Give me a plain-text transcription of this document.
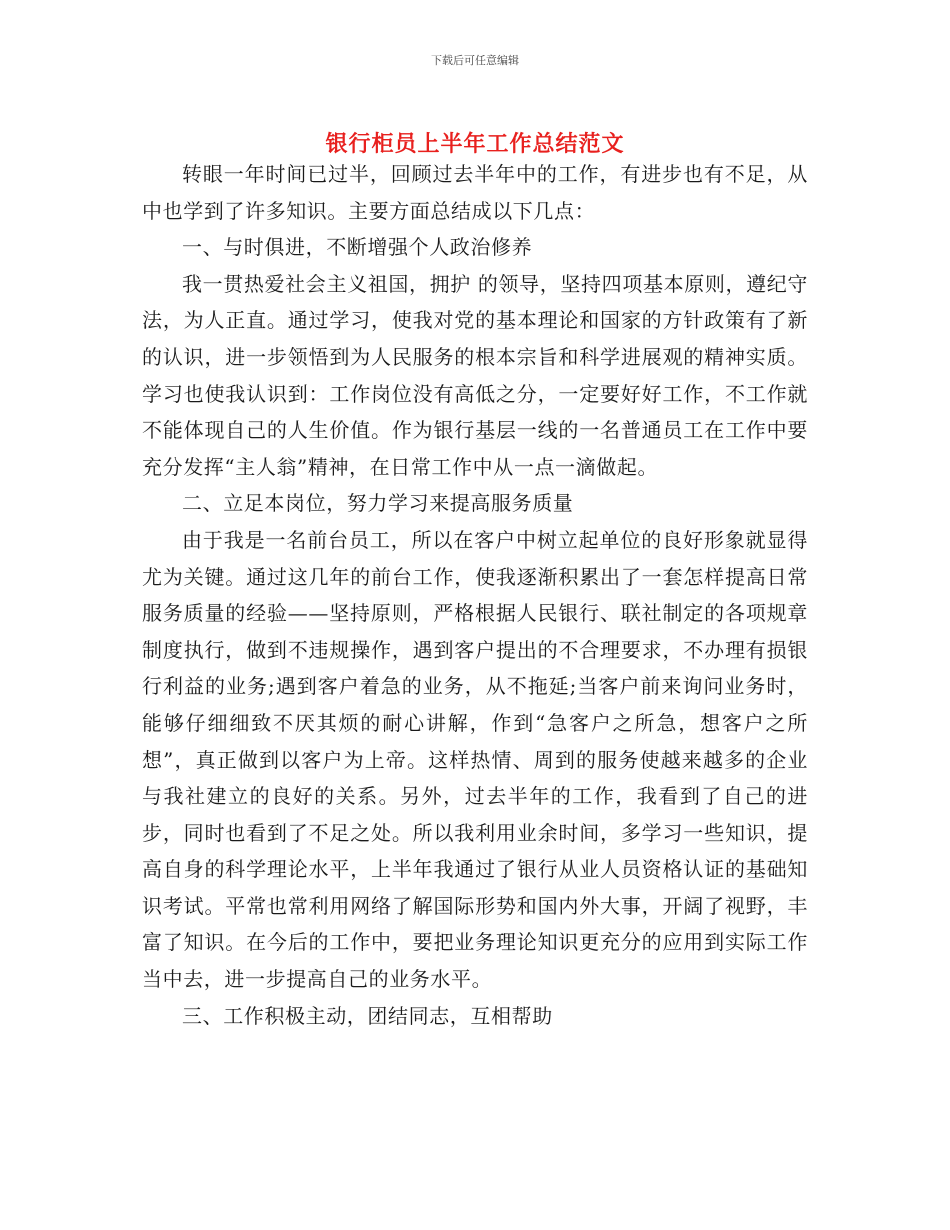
下载后可任意编辑
银行柜员上半年工作总结范文

转眼一年时间已过半，回顾过去半年中的工作，有进步也有不足，从中也学到了许多知识。主要方面总结成以下几点：

一、与时俱进，不断增强个人政治修养

我一贯热爱社会主义祖国，拥护 的领导，坚持四项基本原则，遵纪守法，为人正直。通过学习，使我对党的基本理论和国家的方针政策有了新的认识，进一步领悟到为人民服务的根本宗旨和科学进展观的精神实质。学习也使我认识到：工作岗位没有高低之分，一定要好好工作，不工作就不能体现自己的人生价值。作为银行基层一线的一名普通员工在工作中要充分发挥“主人翁”精神，在日常工作中从一点一滴做起。

二、立足本岗位，努力学习来提高服务质量

由于我是一名前台员工，所以在客户中树立起单位的良好形象就显得尤为关键。通过这几年的前台工作，使我逐渐积累出了一套怎样提高日常服务质量的经验——坚持原则，严格根据人民银行、联社制定的各项规章制度执行，做到不违规操作，遇到客户提出的不合理要求，不办理有损银行利益的业务;遇到客户着急的业务，从不拖延;当客户前来询问业务时，能够仔细细致不厌其烦的耐心讲解，作到“急客户之所急，想客户之所想”，真正做到以客户为上帝。这样热情、周到的服务使越来越多的企业与我社建立的良好的关系。另外，过去半年的工作，我看到了自己的进步，同时也看到了不足之处。所以我利用业余时间，多学习一些知识，提高自身的科学理论水平，上半年我通过了银行从业人员资格认证的基础知识考试。平常也常利用网络了解国际形势和国内外大事，开阔了视野，丰富了知识。在今后的工作中，要把业务理论知识更充分的应用到实际工作当中去，进一步提高自己的业务水平。

三、工作积极主动，团结同志，互相帮助
